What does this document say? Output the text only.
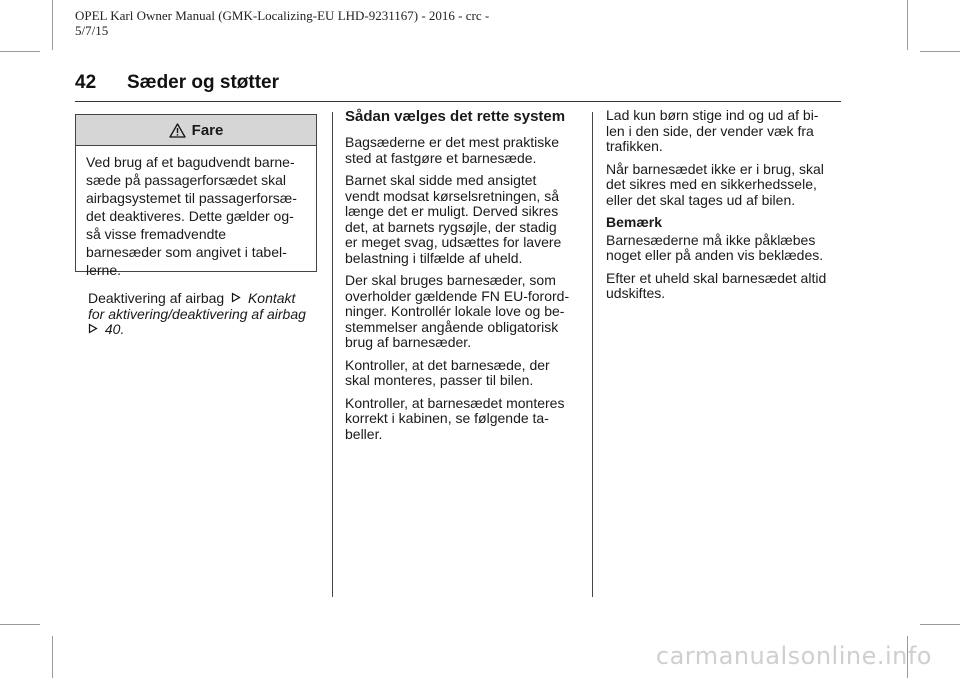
OPEL Karl Owner Manual (GMK-Localizing-EU LHD-9231167) - 2016 - crc -
5/7/15
42 Sæder og støtter
Fare
Ved brug af et bagudvendt barne-
sæde på passagerforsædet skal
airbagsystemet til passagerforsæ-
det deaktiveres. Dette gælder og-
så visse fremadvendte
barnesæder som angivet i tabel-
lerne.
Deaktivering af airbag Kontakt
for aktivering/deaktivering af airbag
40.
Sådan vælges det rette system

Bagsæderne er det mest praktiske
sted at fastgøre et barnesæde.

Barnet skal sidde med ansigtet
vendt modsat kørselsretningen, så
længe det er muligt. Derved sikres
det, at barnets rygsøjle, der stadig
er meget svag, udsættes for lavere
belastning i tilfælde af uheld.

Der skal bruges barnesæder, som
overholder gældende FN EU-forord-
ninger. Kontrollér lokale love og be-
stemmelser angående obligatorisk
brug af barnesæder.

Kontroller, at det barnesæde, der
skal monteres, passer til bilen.

Kontroller, at barnesædet monteres
korrekt i kabinen, se følgende ta-
beller.

Lad kun børn stige ind og ud af bi-
len i den side, der vender væk fra
trafikken.

Når barnesædet ikke er i brug, skal
det sikres med en sikkerhedssele,
eller det skal tages ud af bilen.

Bemærk

Barnesæderne må ikke påklæbes
noget eller på anden vis beklædes.

Efter et uheld skal barnesædet altid
udskiftes.

carmanualsonline.info
